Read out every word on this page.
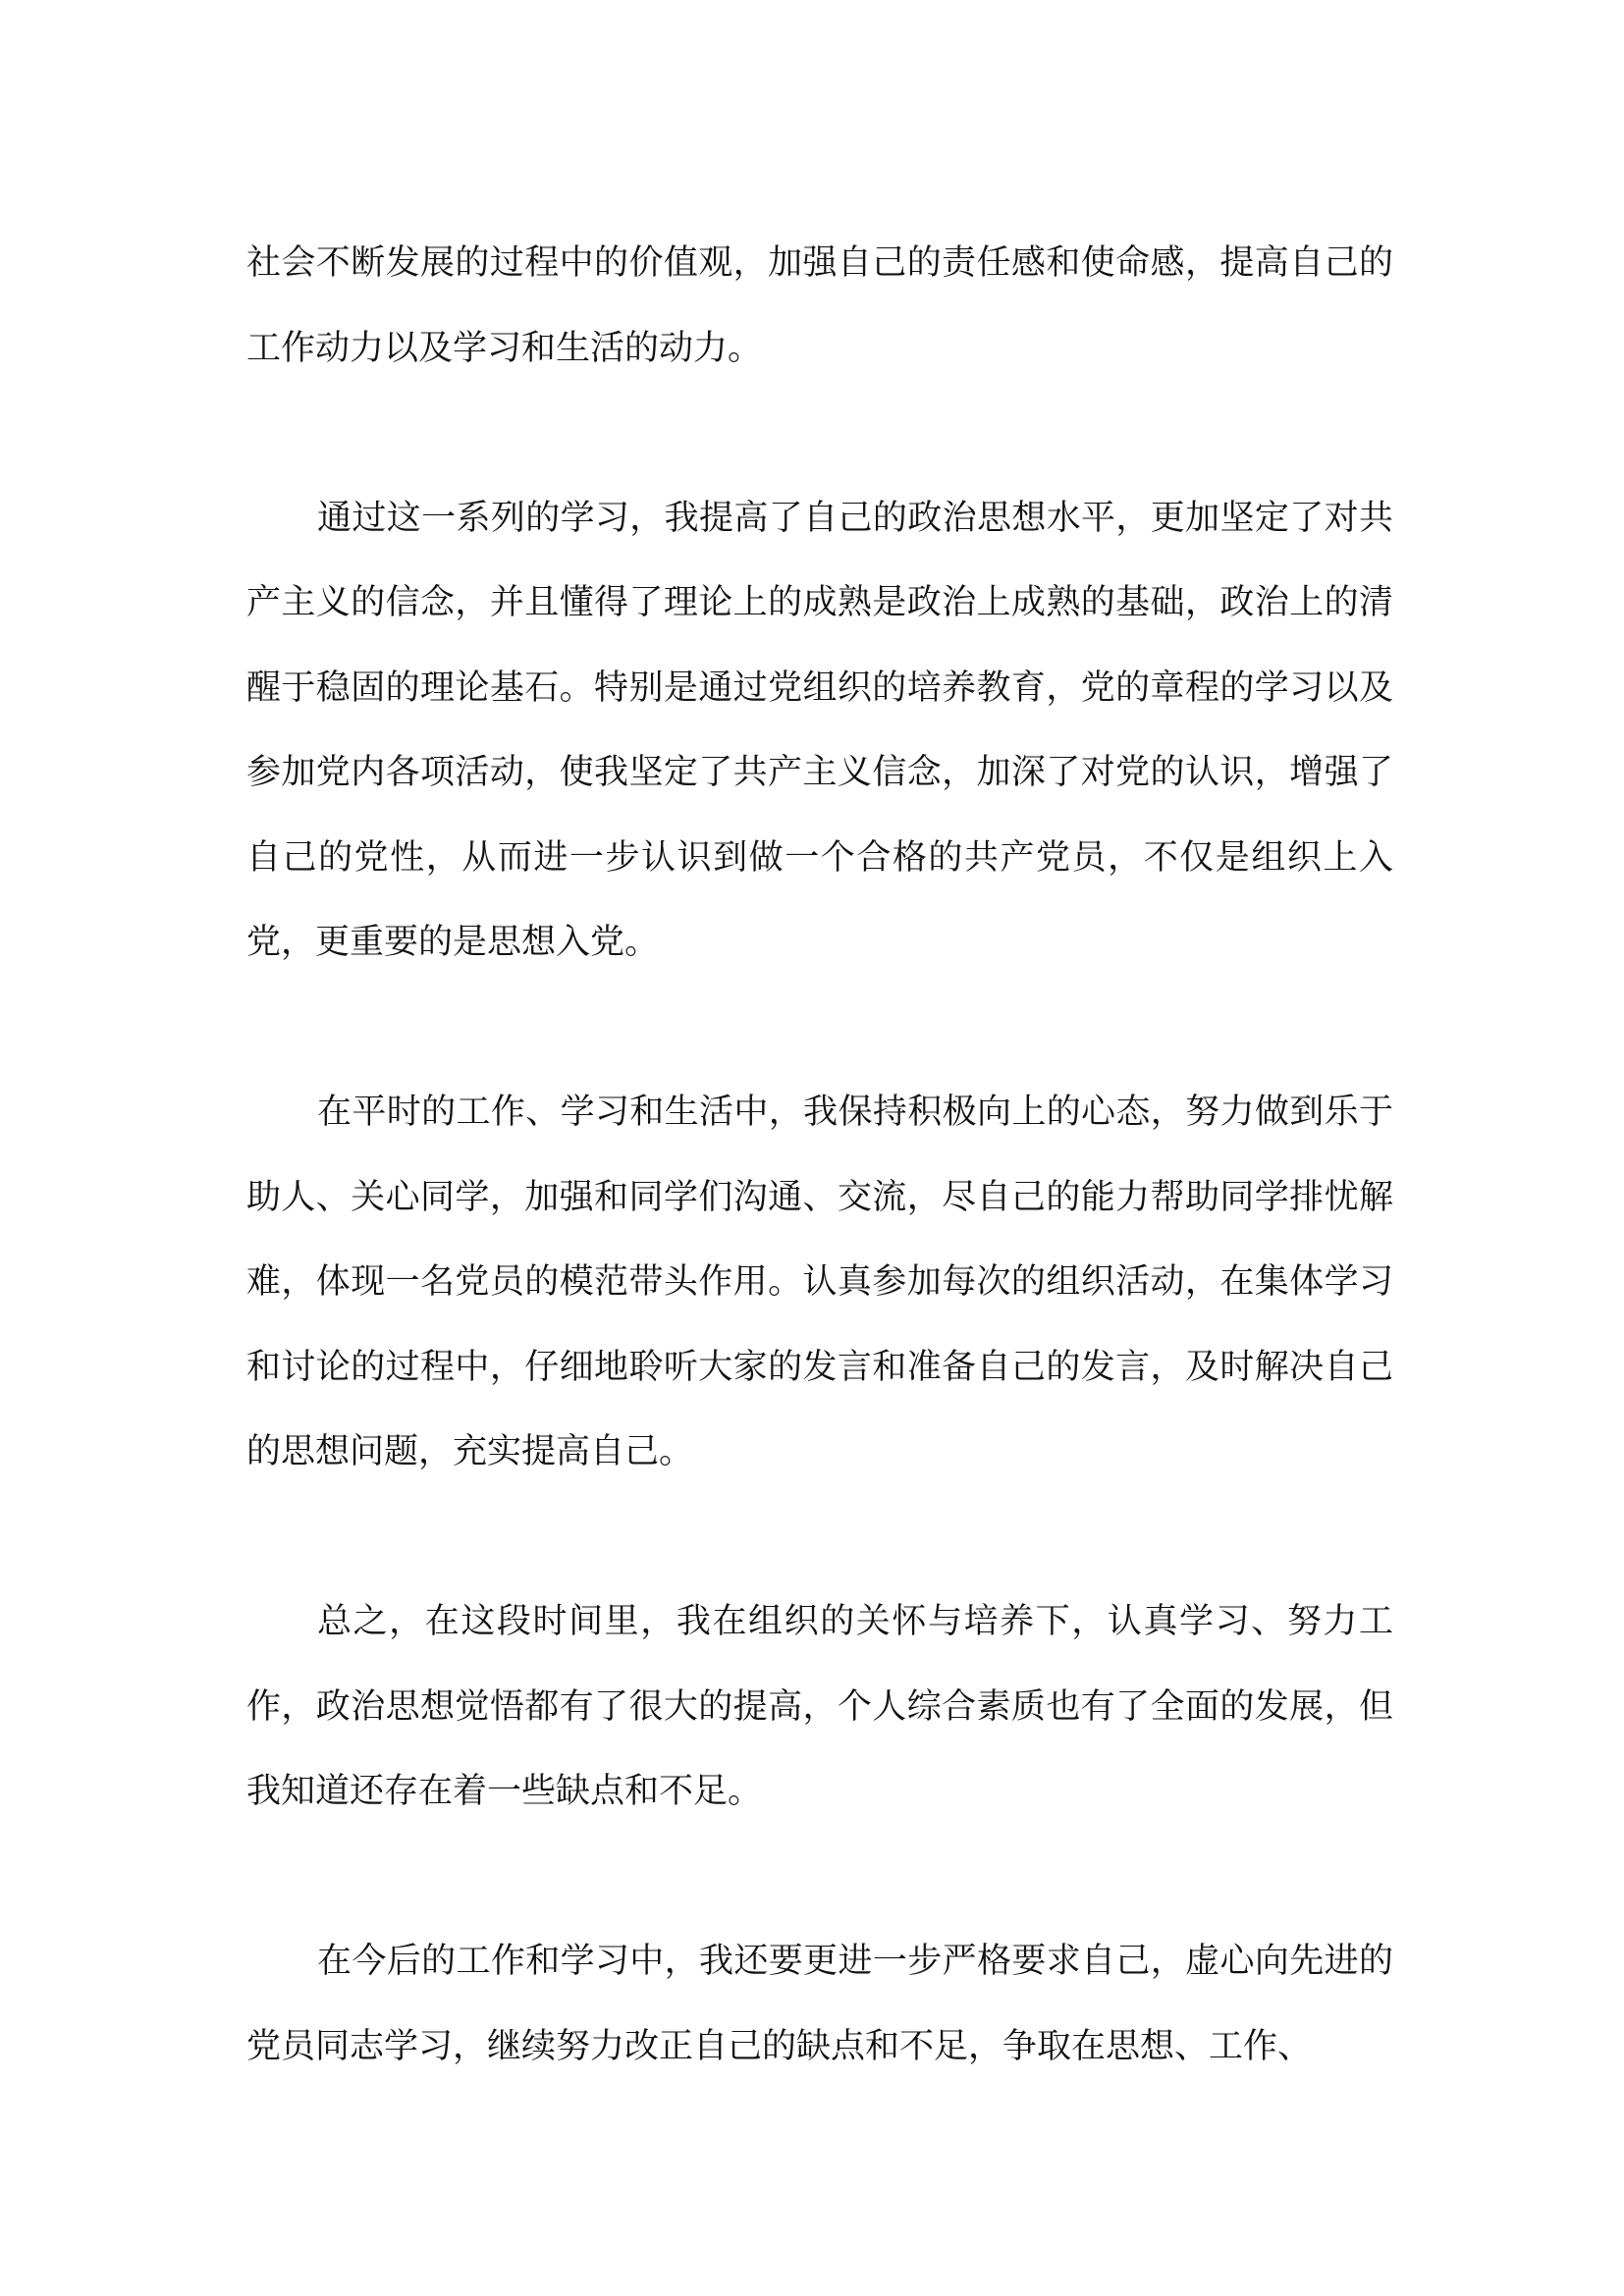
社会不断发展的过程中的价值观，加强自己的责任感和使命感，提高自己的工作动力以及学习和生活的动力。

通过这一系列的学习，我提高了自己的政治思想水平，更加坚定了对共产主义的信念，并且懂得了理论上的成熟是政治上成熟的基础，政治上的清醒于稳固的理论基石。特别是通过党组织的培养教育，党的章程的学习以及参加党内各项活动，使我坚定了共产主义信念，加深了对党的认识，增强了自己的党性，从而进一步认识到做一个合格的共产党员，不仅是组织上入党，更重要的是思想入党。

在平时的工作、学习和生活中，我保持积极向上的心态，努力做到乐于助人、关心同学，加强和同学们沟通、交流，尽自己的能力帮助同学排忧解难，体现一名党员的模范带头作用。认真参加每次的组织活动，在集体学习和讨论的过程中，仔细地聆听大家的发言和准备自己的发言，及时解决自己的思想问题，充实提高自己。

总之，在这段时间里，我在组织的关怀与培养下，认真学习、努力工作，政治思想觉悟都有了很大的提高，个人综合素质也有了全面的发展，但我知道还存在着一些缺点和不足。

在今后的工作和学习中，我还要更进一步严格要求自己，虚心向先进的党员同志学习，继续努力改正自己的缺点和不足，争取在思想、工作、
